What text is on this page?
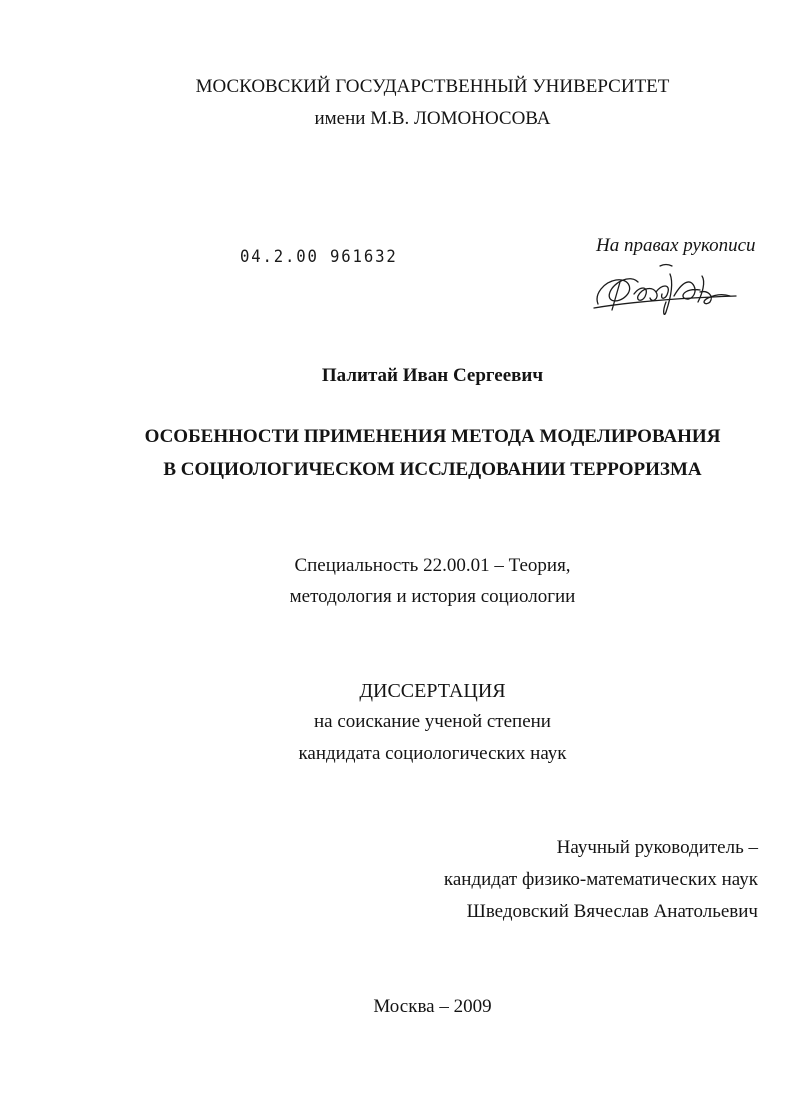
МОСКОВСКИЙ ГОСУДАРСТВЕННЫЙ УНИВЕРСИТЕТ
имени М.В. ЛОМОНОСОВА
04.2.00 961632
На правах рукописи
Палитай Иван Сергеевич
ОСОБЕННОСТИ ПРИМЕНЕНИЯ МЕТОДА МОДЕЛИРОВАНИЯ
В СОЦИОЛОГИЧЕСКОМ ИССЛЕДОВАНИИ ТЕРРОРИЗМА
Специальность 22.00.01 – Теория,
методология и история социологии
ДИССЕРТАЦИЯ
на соискание ученой степени
кандидата социологических наук
Научный руководитель –
кандидат физико-математических наук
Шведовский Вячеслав Анатольевич
Москва – 2009
